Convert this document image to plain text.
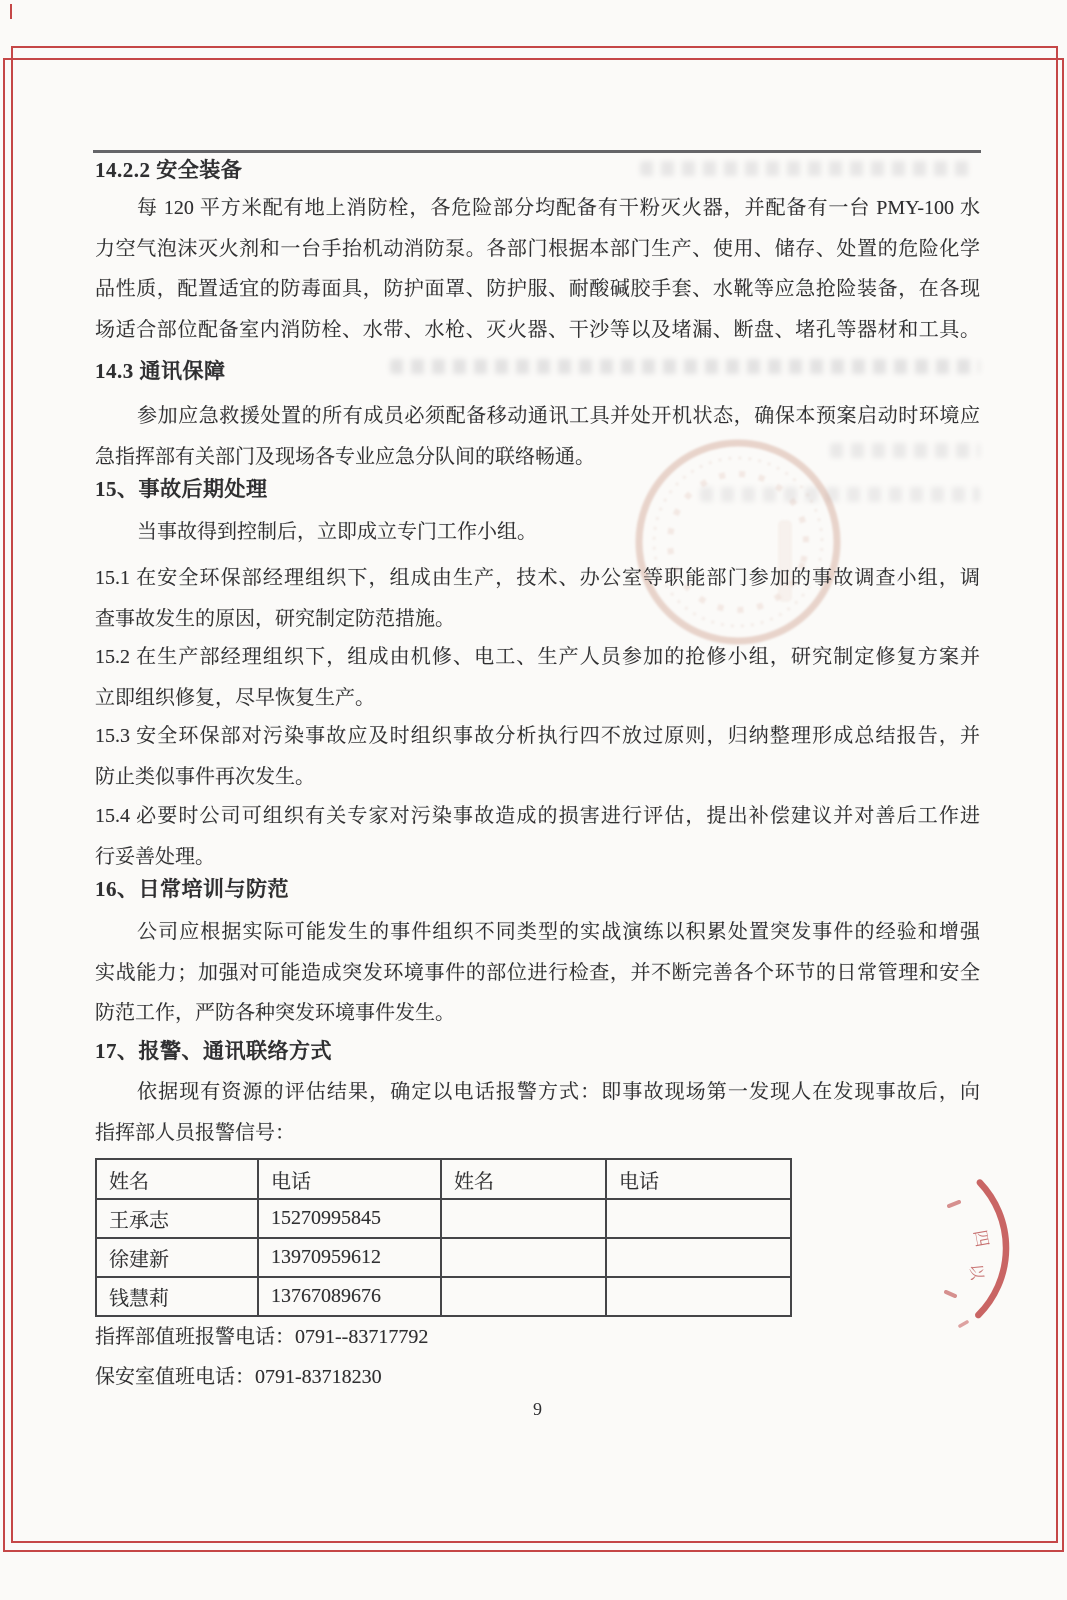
四
以
14.2.2 安全装备
每 120 平方米配有地上消防栓，各危险部分均配备有干粉灭火器，并配备有一台 PMY-100 水
力空气泡沫灭火剂和一台手抬机动消防泵。各部门根据本部门生产、使用、储存、处置的危险化学
品性质，配置适宜的防毒面具，防护面罩、防护服、耐酸碱胶手套、水靴等应急抢险装备，在各现
场适合部位配备室内消防栓、水带、水枪、灭火器、干沙等以及堵漏、断盘、堵孔等器材和工具。
14.3 通讯保障
参加应急救援处置的所有成员必须配备移动通讯工具并处开机状态，确保本预案启动时环境应
急指挥部有关部门及现场各专业应急分队间的联络畅通。
15、事故后期处理
当事故得到控制后，立即成立专门工作小组。
15.1 在安全环保部经理组织下，组成由生产，技术、办公室等职能部门参加的事故调查小组，调
查事故发生的原因，研究制定防范措施。
15.2 在生产部经理组织下，组成由机修、电工、生产人员参加的抢修小组，研究制定修复方案并
立即组织修复，尽早恢复生产。
15.3 安全环保部对污染事故应及时组织事故分析执行四不放过原则，归纳整理形成总结报告，并
防止类似事件再次发生。
15.4 必要时公司可组织有关专家对污染事故造成的损害进行评估，提出补偿建议并对善后工作进
行妥善处理。
16、日常培训与防范
公司应根据实际可能发生的事件组织不同类型的实战演练以积累处置突发事件的经验和增强
实战能力；加强对可能造成突发环境事件的部位进行检查，并不断完善各个环节的日常管理和安全
防范工作，严防各种突发环境事件发生。
17、报警、通讯联络方式
依据现有资源的评估结果，确定以电话报警方式：即事故现场第一发现人在发现事故后，向
指挥部人员报警信号：
姓名	电话	姓名	电话
王承志	15270995845		
徐建新	13970959612		
钱慧莉	13767089676		
指挥部值班报警电话：0791--83717792
保安室值班电话：0791-83718230
9
